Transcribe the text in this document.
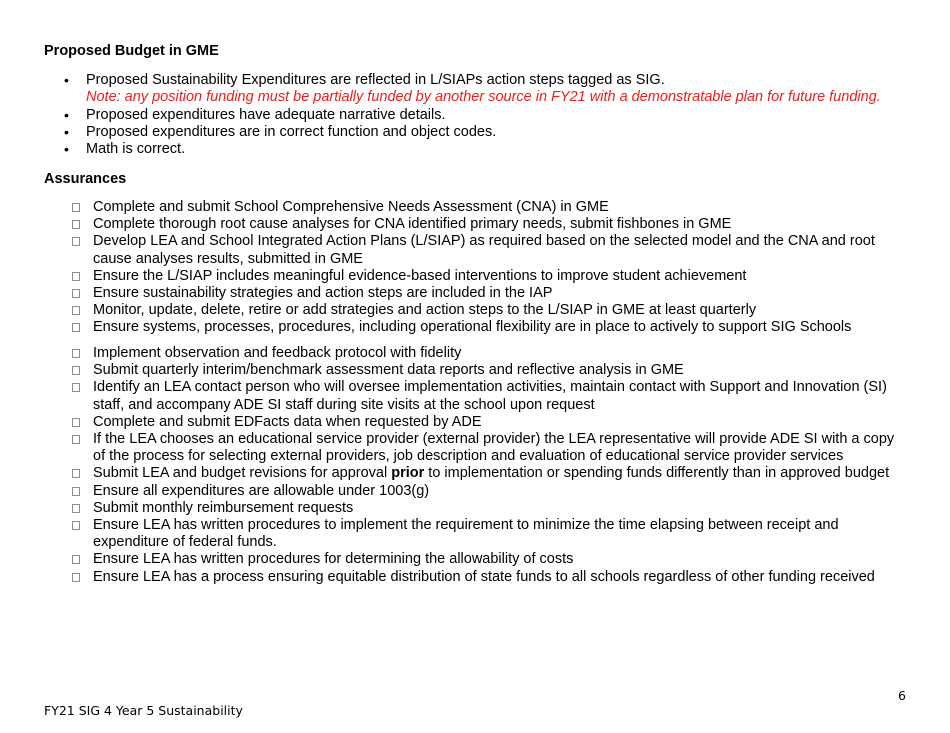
Proposed Budget in GME
• Proposed Sustainability Expenditures are reflected in L/SIAPs action steps tagged as SIG.
Note: any position funding must be partially funded by another source in FY21 with a demonstratable plan for future funding.
• Proposed expenditures have adequate narrative details.
• Proposed expenditures are in correct function and object codes.
• Math is correct.
Assurances
Complete and submit School Comprehensive Needs Assessment (CNA) in GME
Complete thorough root cause analyses for CNA identified primary needs, submit fishbones in GME
Develop LEA and School Integrated Action Plans (L/SIAP) as required based on the selected model and the CNA and root cause analyses results, submitted in GME
Ensure the L/SIAP includes meaningful evidence-based interventions to improve student achievement
Ensure sustainability strategies and action steps are included in the IAP
Monitor, update, delete, retire or add strategies and action steps to the L/SIAP in GME at least quarterly
Ensure systems, processes, procedures, including operational flexibility are in place to actively to support SIG Schools
Implement observation and feedback protocol with fidelity
Submit quarterly interim/benchmark assessment data reports and reflective analysis in GME
Identify an LEA contact person who will oversee implementation activities, maintain contact with Support and Innovation (SI) staff, and accompany ADE SI staff during site visits at the school upon request
Complete and submit EDFacts data when requested by ADE
If the LEA chooses an educational service provider (external provider) the LEA representative will provide ADE SI with a copy of the process for selecting external providers, job description and evaluation of educational service provider services
Submit LEA and budget revisions for approval prior to implementation or spending funds differently than in approved budget
Ensure all expenditures are allowable under 1003(g)
Submit monthly reimbursement requests
Ensure LEA has written procedures to implement the requirement to minimize the time elapsing between receipt and expenditure of federal funds.
Ensure LEA has written procedures for determining the allowability of costs
Ensure LEA has a process ensuring equitable distribution of state funds to all schools regardless of other funding received
6
FY21 SIG 4 Year 5 Sustainability
